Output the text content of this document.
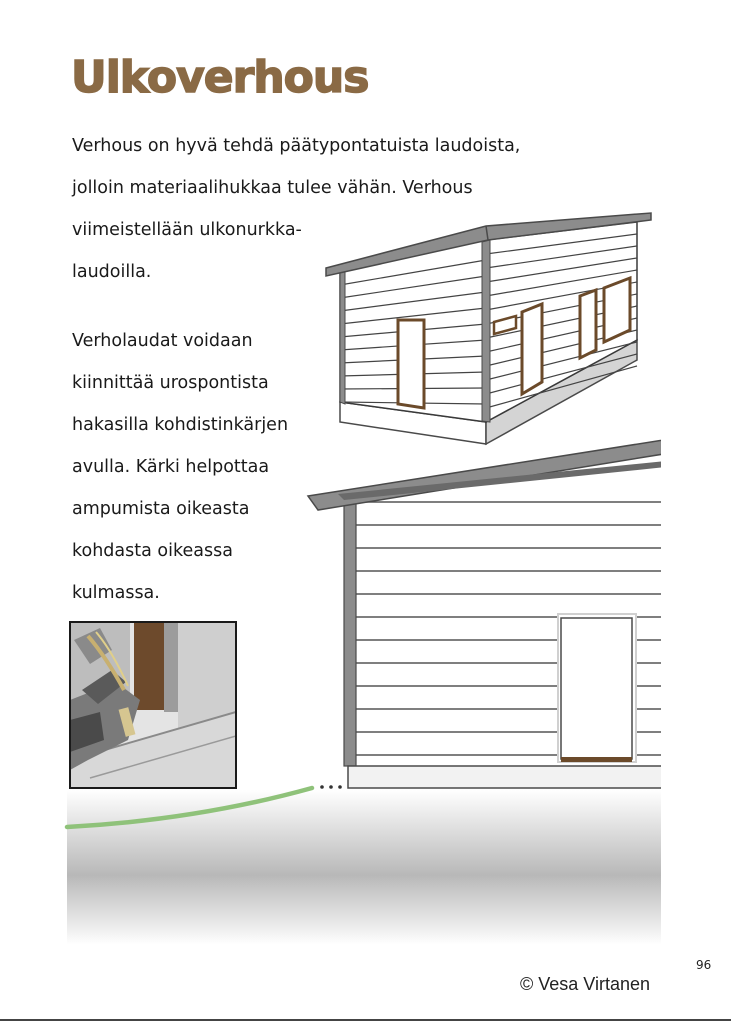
Ulkoverhous

Verhous on hyvä tehdä päätypontatuista laudoista,
jolloin materiaalihukkaa tulee vähän. Verhous
viimeistellään ulkonurkka-
laudoilla.

Verholaudat voidaan
kiinnittää urospontista
hakasilla kohdistinkärjen
avulla. Kärki helpottaa
ampumista oikeasta
kohdasta oikeassa
kulmassa.

96
© Vesa Virtanen
